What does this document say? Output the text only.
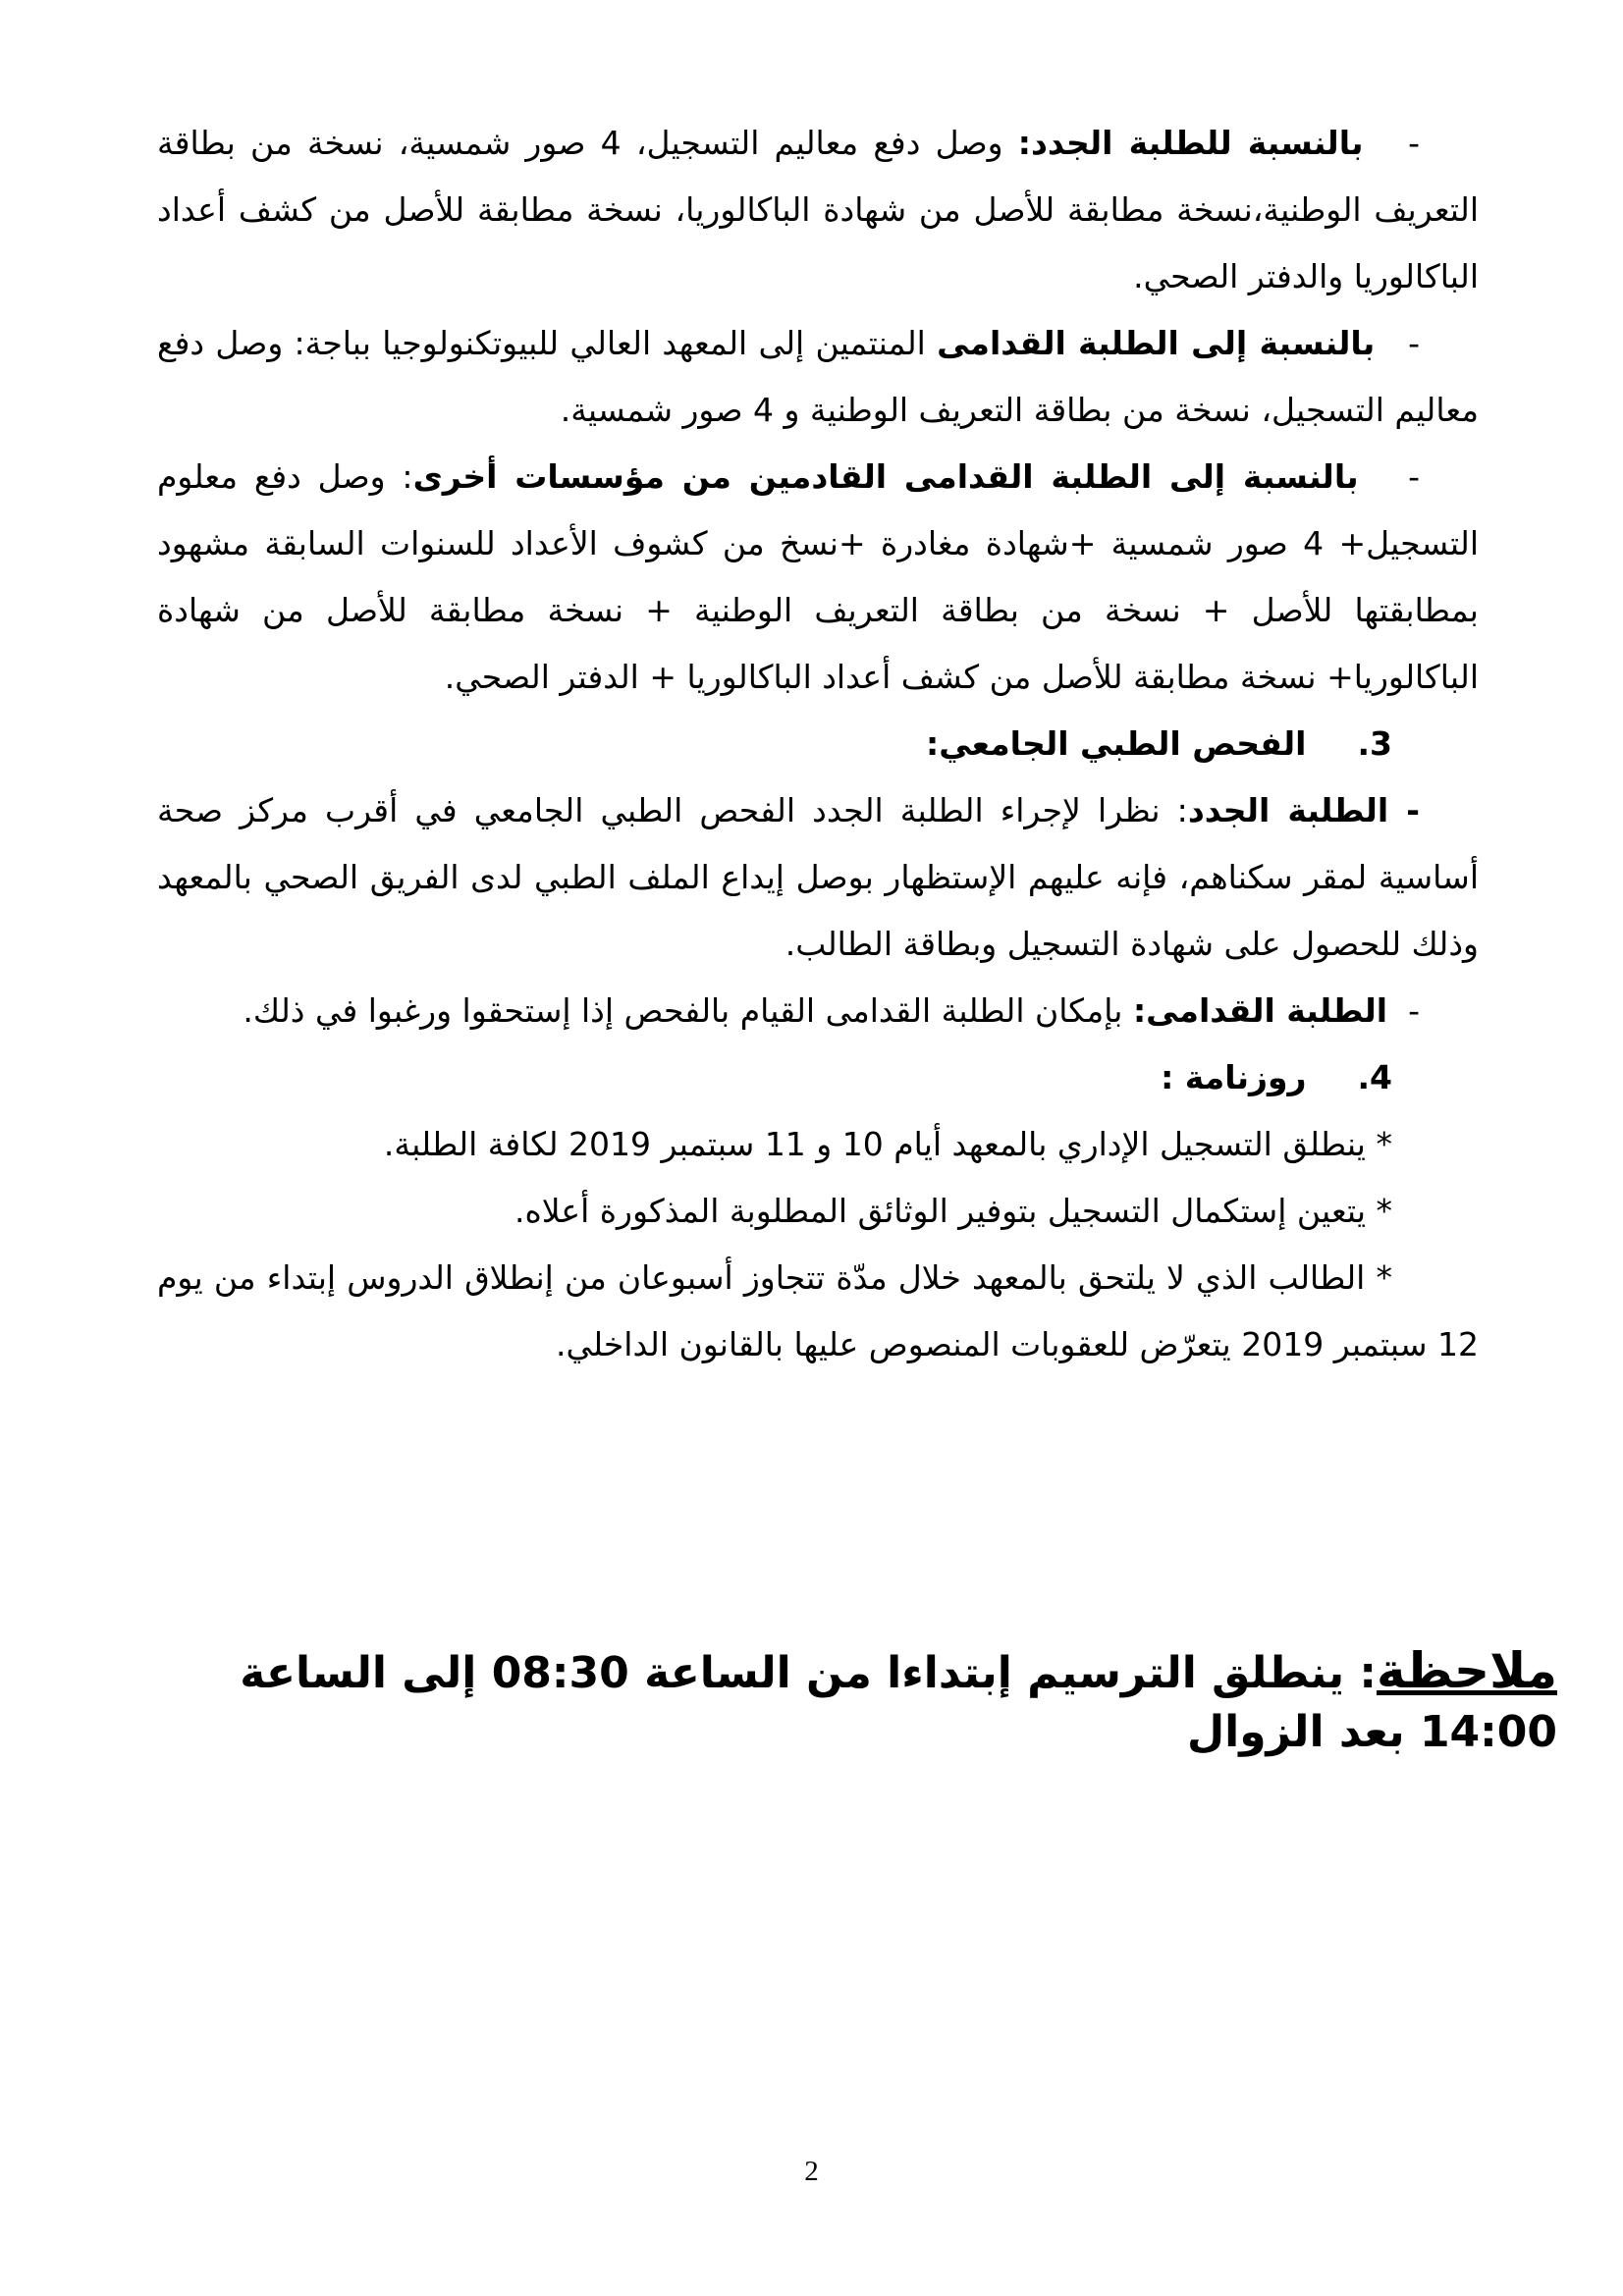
-   بالنسبة للطلبة الجدد: وصل دفع معاليم التسجيل، 4 صور شمسية، نسخة من بطاقة التعريف الوطنية،نسخة مطابقة للأصل من شهادة الباكالوريا، نسخة مطابقة للأصل من كشف أعداد الباكالوريا والدفتر الصحي.

-   بالنسبة إلى الطلبة القدامى المنتمين إلى المعهد العالي للبيوتكنولوجيا بباجة: وصل دفع معاليم التسجيل، نسخة من بطاقة التعريف الوطنية و 4 صور شمسية.

-   بالنسبة إلى الطلبة القدامى القادمين من مؤسسات أخرى: وصل دفع معلوم التسجيل+ 4 صور شمسية +شهادة مغادرة +نسخ من كشوف الأعداد للسنوات السابقة مشهود بمطابقتها للأصل + نسخة من بطاقة التعريف الوطنية + نسخة مطابقة للأصل من شهادة الباكالوريا+ نسخة مطابقة للأصل من كشف أعداد الباكالوريا + الدفتر الصحي.

3.الفحص الطبي الجامعي:

- الطلبة الجدد: نظرا لإجراء الطلبة الجدد الفحص الطبي الجامعي في أقرب مركز صحة أساسية لمقر سكناهم، فإنه عليهم الإستظهار بوصل إيداع الملف الطبي لدى الفريق الصحي بالمعهد وذلك للحصول على شهادة التسجيل وبطاقة الطالب.

-  الطلبة القدامى: بإمكان الطلبة القدامى القيام بالفحص إذا إستحقوا ورغبوا في ذلك.

4.روزنامة :

* ينطلق التسجيل الإداري بالمعهد أيام 10 و 11 سبتمبر 2019 لكافة الطلبة.

* يتعين إستكمال التسجيل بتوفير الوثائق المطلوبة المذكورة أعلاه.

* الطالب الذي لا يلتحق بالمعهد خلال مدّة تتجاوز أسبوعان من إنطلاق الدروس إبتداء من يوم 12 سبتمبر 2019 يتعرّض للعقوبات المنصوص عليها بالقانون الداخلي.

ملاحظة: ينطلق الترسيم إبتداءا من الساعة 08:30 إلى الساعة 14:00 بعد الزوال
2
